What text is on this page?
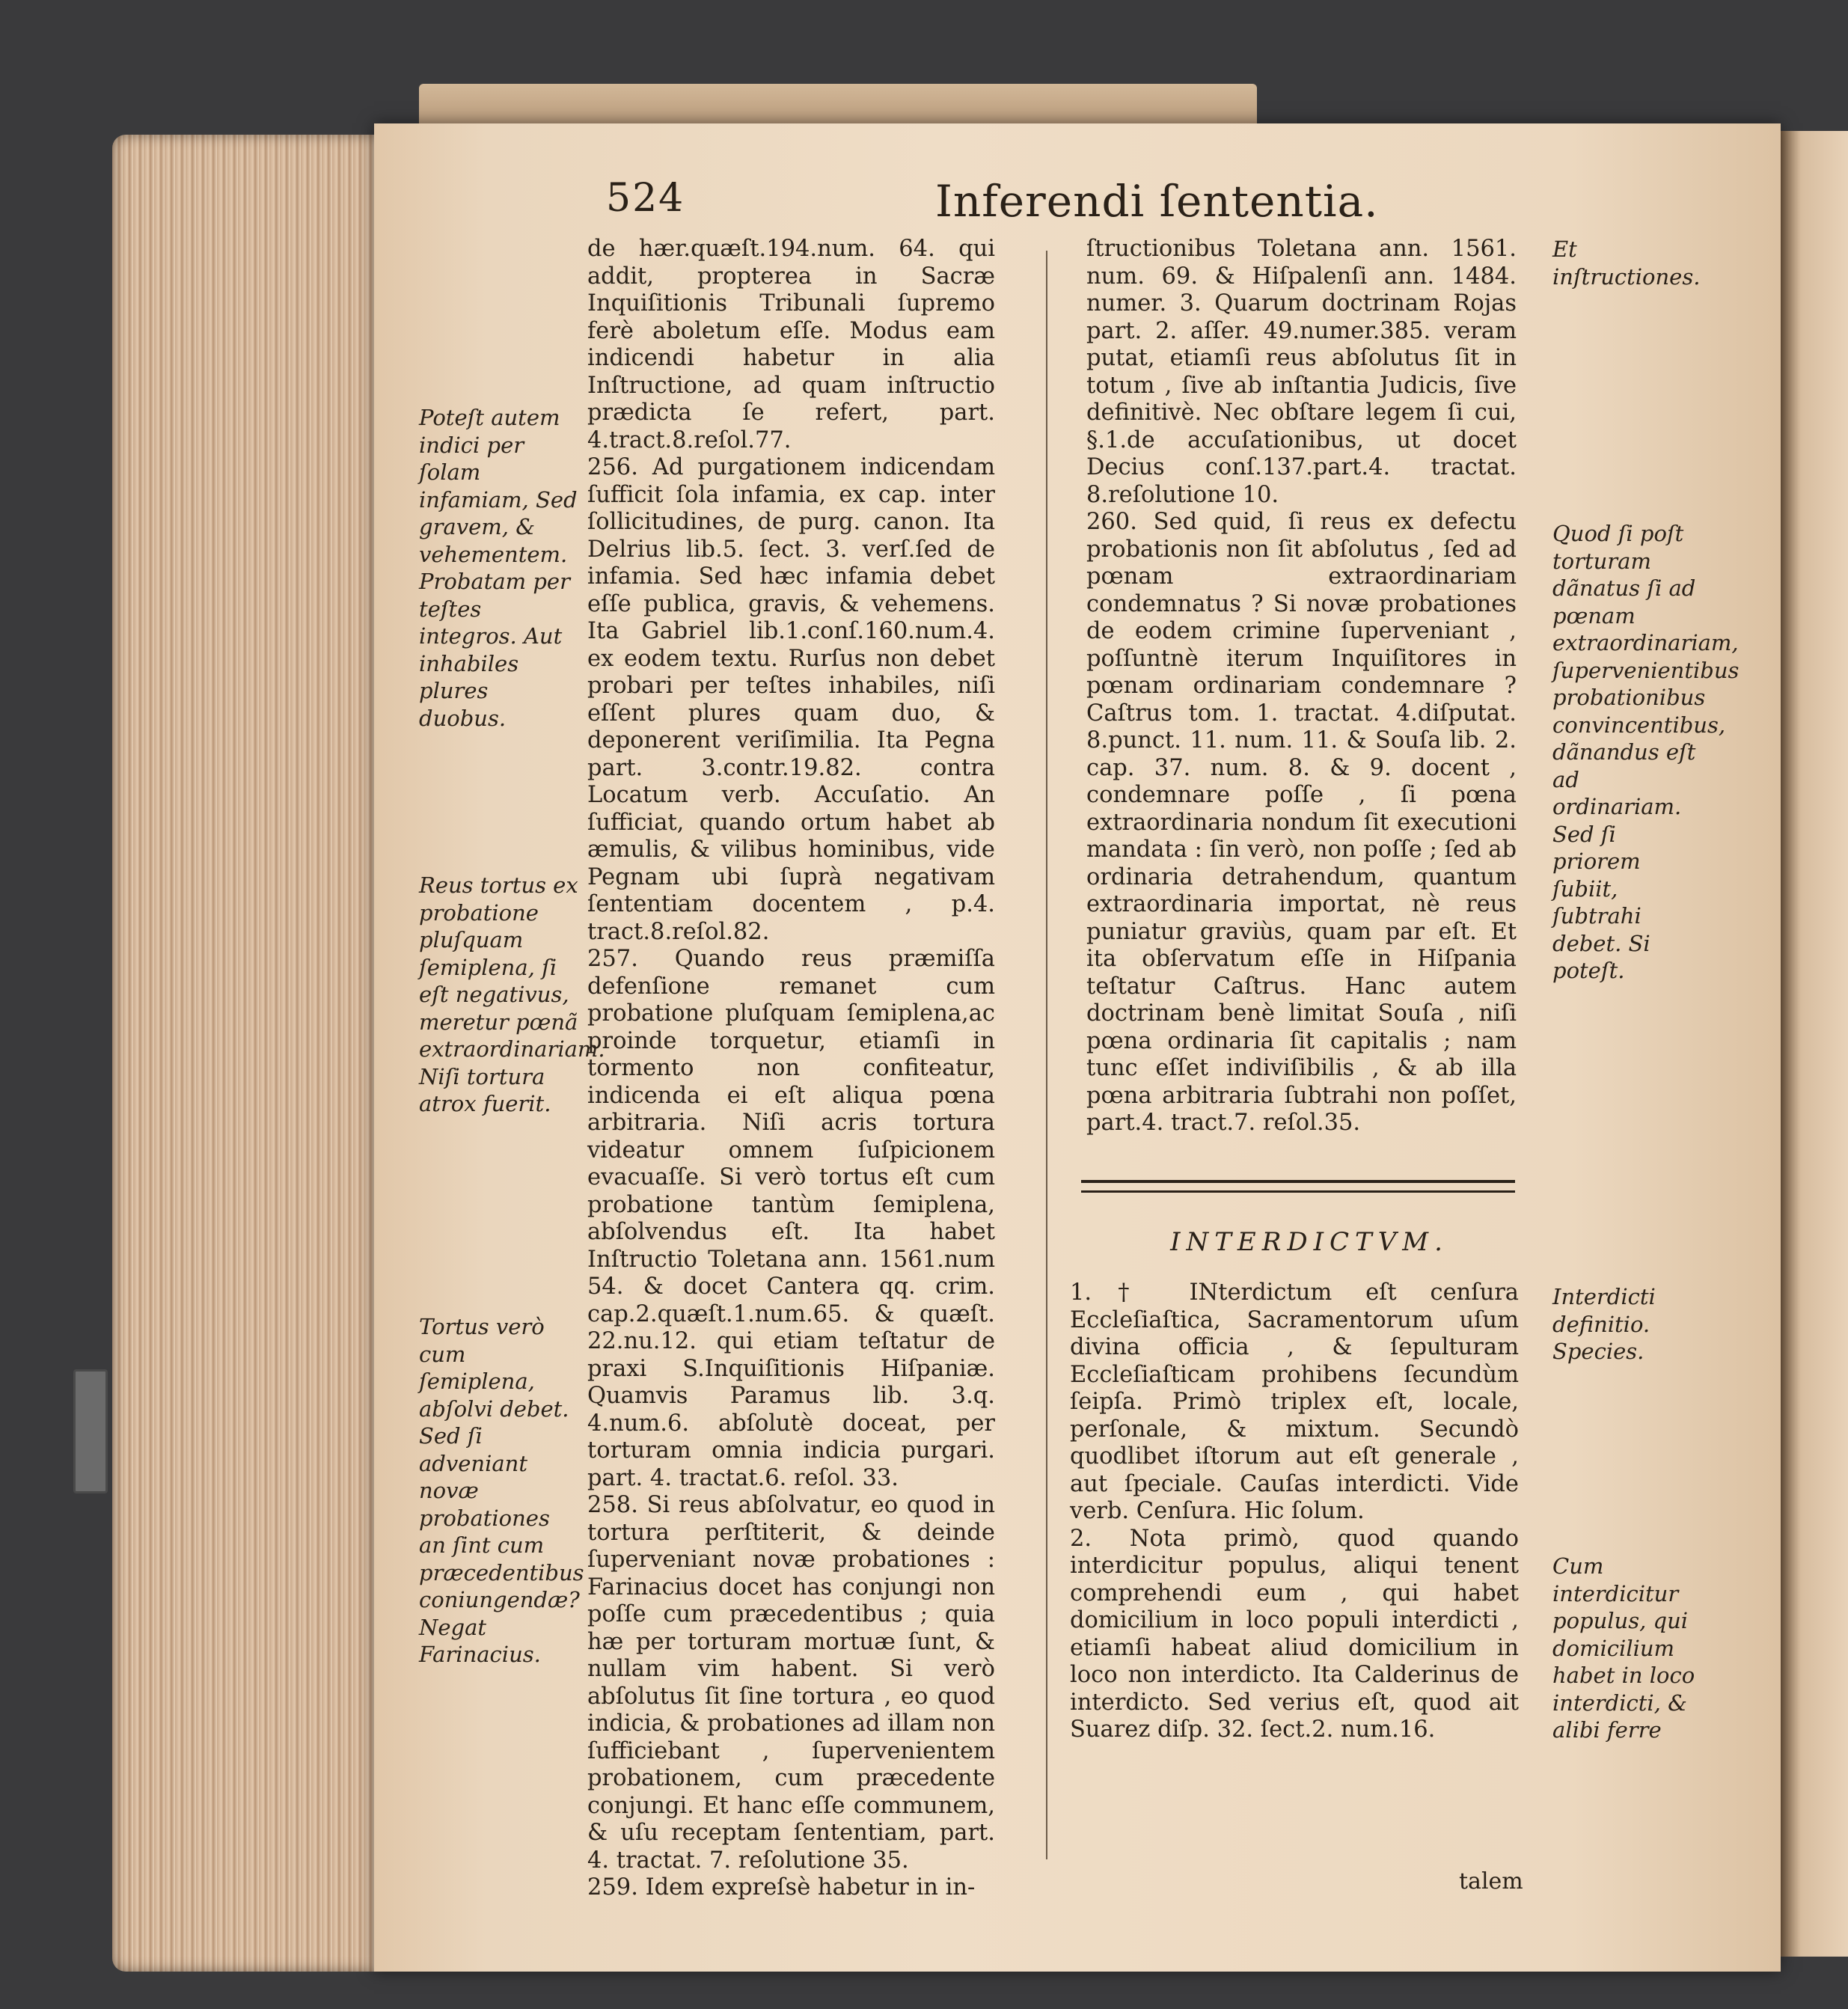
524	Inferendi ſententia.

Poteſt autem indici per ſolam infamiam, Sed gravem, & vehementem. Probatam per teſtes integros. Aut inhabiles plures duobus.

Reus tortus ex probatione pluſquam ſemiplena, ſi eſt negativus, meretur pœnã extraordinariam. Niſi tortura atrox fuerit.

Tortus verò cum ſemiplena, abſolvi debet. Sed ſi adveniant novæ probationes an ſint cum præcedentibus coniungendæ? Negat Farinacius.

de hær.quæſt.194.num. 64. qui addit, propterea in Sacræ Inquiſitionis Tribunali ſupremo ferè aboletum eſſe. Modus eam indicendi habetur in alia Inſtructione, ad quam inſtructio prædicta ſe refert, part. 4.tract.8.reſol.77.

256. Ad purgationem indicendam ſufficit ſola infamia, ex cap. inter ſollicitudines, de purg. canon. Ita Delrius lib.5. ſect. 3. verſ.ſed de infamia. Sed hæc infamia debet eſſe publica, gravis, & vehemens. Ita Gabriel lib.1.conſ.160.num.4. ex eodem textu. Rurſus non debet probari per teſtes inhabiles, niſi eſſent plures quam duo, & deponerent veriſimilia. Ita Pegna part. 3.contr.19.82. contra Locatum verb. Accuſatio. An ſufficiat, quando ortum habet ab æmulis, & vilibus hominibus, vide Pegnam ubi ſuprà negativam ſententiam docentem , p.4. tract.8.reſol.82.

257. Quando reus præmiſſa defenſione remanet cum probatione pluſquam ſemiplena,ac proinde torquetur, etiamſi in tormento non confiteatur, indicenda ei eſt aliqua pœna arbitraria. Niſi acris tortura videatur omnem ſuſpicionem evacuaſſe. Si verò tortus eſt cum probatione tantùm ſemiplena, abſolvendus eſt. Ita habet Inſtructio Toletana ann. 1561.num 54. & docet Cantera qq. crim. cap.2.quæſt.1.num.65. & quæſt. 22.nu.12. qui etiam teſtatur de praxi S.Inquiſitionis Hiſpaniæ. Quamvis Paramus lib. 3.q. 4.num.6. abſolutè doceat, per torturam omnia indicia purgari. part. 4. tractat.6. reſol. 33.

258. Si reus abſolvatur, eo quod in tortura perſtiterit, & deinde ſuperveniant novæ probationes : Farinacius docet has conjungi non poſſe cum præcedentibus ; quia hæ per torturam mortuæ ſunt, & nullam vim habent. Si verò abſolutus ſit ſine tortura , eo quod indicia, & probationes ad illam non ſufficiebant , ſupervenientem probationem, cum præcedente conjungi. Et hanc eſſe communem, & uſu receptam ſententiam, part. 4. tractat. 7. reſolutione 35.

259. Idem expreſsè habetur in in-

ſtructionibus Toletana ann. 1561. num. 69. & Hiſpalenſi ann. 1484. numer. 3. Quarum doctrinam Rojas part. 2. aſſer. 49.numer.385. veram putat, etiamſi reus abſolutus ſit in totum , ſive ab inſtantia Judicis, ſive definitivè. Nec obſtare legem ſi cui, §.1.de accuſationibus, ut docet Decius conſ.137.part.4. tractat. 8.reſolutione 10.

260. Sed quid, ſi reus ex defectu probationis non ſit abſolutus , ſed ad pœnam extraordinariam condemnatus ? Si novæ probationes de eodem crimine ſuperveniant , poſſuntnè iterum Inquiſitores in pœnam ordinariam condemnare ? Caſtrus tom. 1. tractat. 4.diſputat. 8.punct. 11. num. 11. & Souſa lib. 2. cap. 37. num. 8. & 9. docent , condemnare poſſe , ſi pœna extraordinaria nondum ſit executioni mandata : ſin verò, non poſſe ; ſed ab ordinaria detrahendum, quantum extraordinaria importat, nè reus puniatur graviùs, quam par eſt. Et ita obſervatum eſſe in Hiſpania teſtatur Caſtrus. Hanc autem doctrinam benè limitat Souſa , niſi pœna ordinaria ſit capitalis ; nam tunc eſſet indiviſibilis , & ab illa pœna arbitraria ſubtrahi non poſſet, part.4. tract.7. reſol.35.

Et inſtructiones.

Quod ſi poſt torturam dãnatus ſi ad pœnam extraordinariam, ſupervenientibus probationibus convincentibus, dãnandus eſt ad ordinariam. Sed ſi priorem ſubiit, ſubtrahi debet. Si poteſt.

INTERDICTVM.

1.† INterdictum eſt cenſura Eccleſiaſtica, Sacramentorum uſum divina officia , & ſepulturam Eccleſiaſticam prohibens ſecundùm ſeipſa. Primò triplex eſt, locale, perſonale, & mixtum. Secundò quodlibet iſtorum aut eſt generale , aut ſpeciale. Cauſas interdicti. Vide verb. Cenſura. Hic ſolum.

2. Nota primò, quod quando interdicitur populus, aliqui tenent comprehendi eum , qui habet domicilium in loco populi interdicti , etiamſi habeat aliud domicilium in loco non interdicto. Ita Calderinus de interdicto. Sed verius eſt, quod ait Suarez diſp. 32. ſect.2. num.16.

Interdicti definitio. Species.

Cum interdicitur populus, qui domicilium habet in loco interdicti, & alibi ferre

talem
